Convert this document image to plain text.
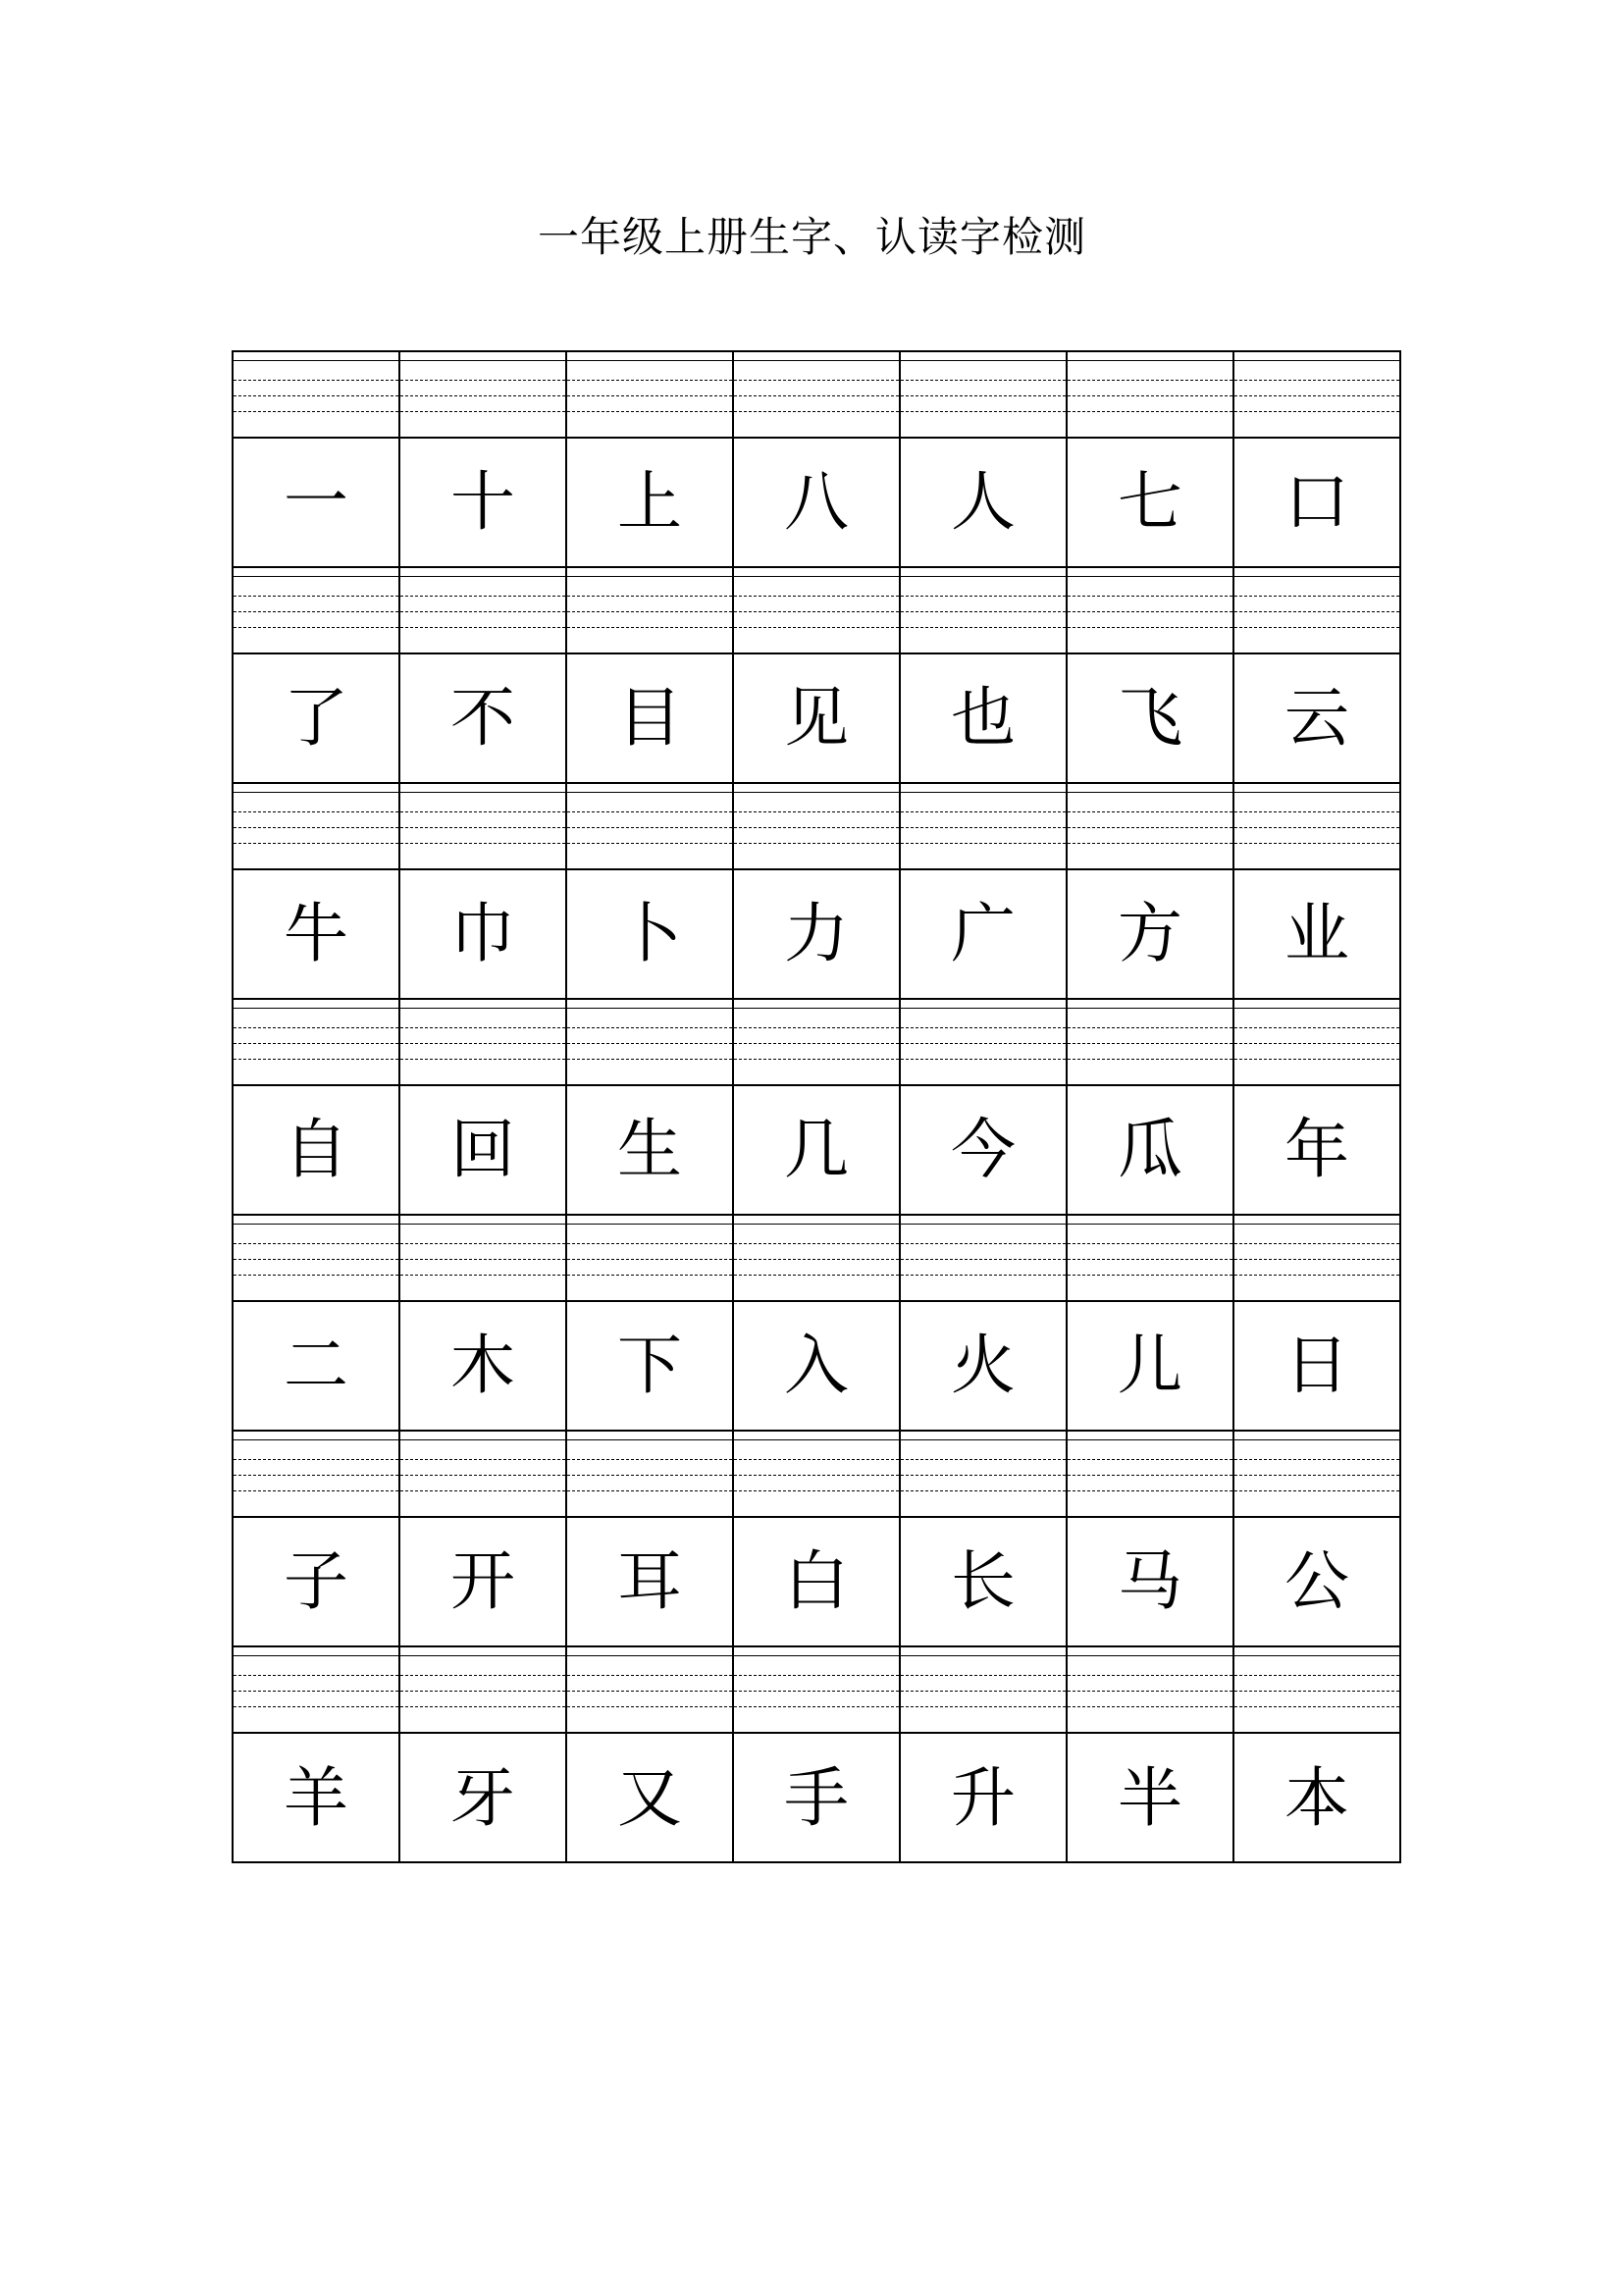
一年级上册生字、认读字检测
一	十	上	八	人	七	口
了	不	目	见	也	飞	云
牛	巾	卜	力	广	方	业
自	回	生	几	今	瓜	年
二	木	下	入	火	儿	日
子	开	耳	白	长	马	公
羊	牙	又	手	升	半	本
